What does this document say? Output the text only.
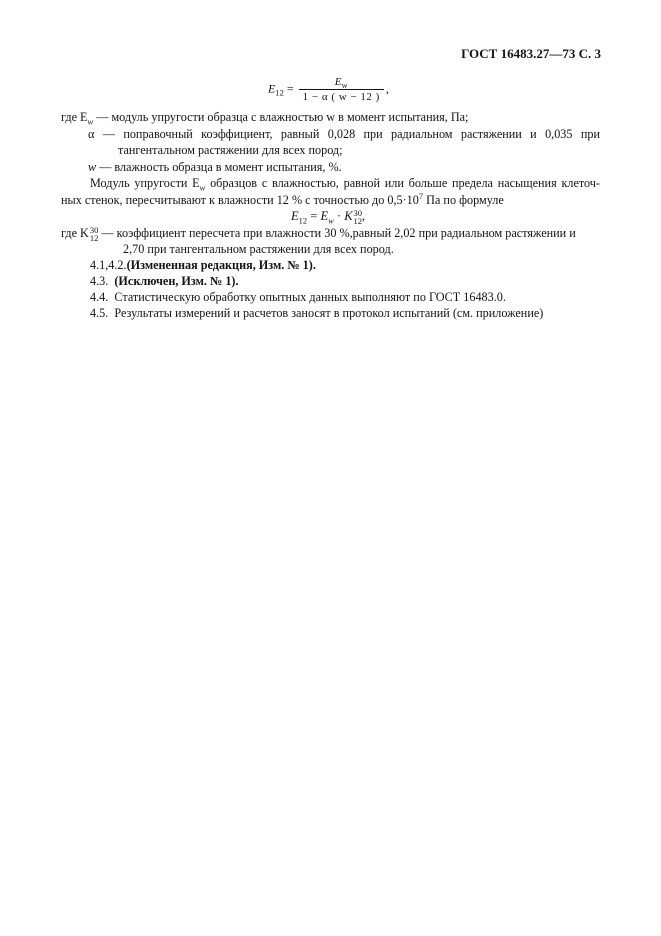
ГОСТ 16483.27—73 С. 3
$E_{12} = \frac{E_w}{1 - \alpha ( w - 12 )}$ ,
где $E_w$ — модуль упругости образца с влажностью w в момент испытания, Па;
α — поправочный коэффициент, равный 0,028 при радиальном растяжении и 0,035 при
тангентальном растяжении для всех пород;
w — влажность образца в момент испытания, %.
Модуль упругости $E_w$ образцов с влажностью, равной или больше предела насыщения клеточ-
ных стенок, пересчитывают к влажности 12 % с точностью до $0,5\cdot 10^7$ Па по формуле
$E_{12} = E_w \cdot K$ 30
12 ,
где K 30
12 — коэффициент пересчета при влажности 30 %,равный 2,02 при радиальном растяжении и
2,70 при тангентальном растяжении для всех пород.
4.1,4.2.(Измененная редакция, Изм. № 1).
4.3. (Исключен, Изм. № 1).
4.4. Статистическую обработку опытных данных выполняют по ГОСТ 16483.0.
4.5. Результаты измерений и расчетов заносят в протокол испытаний (см. приложение)
